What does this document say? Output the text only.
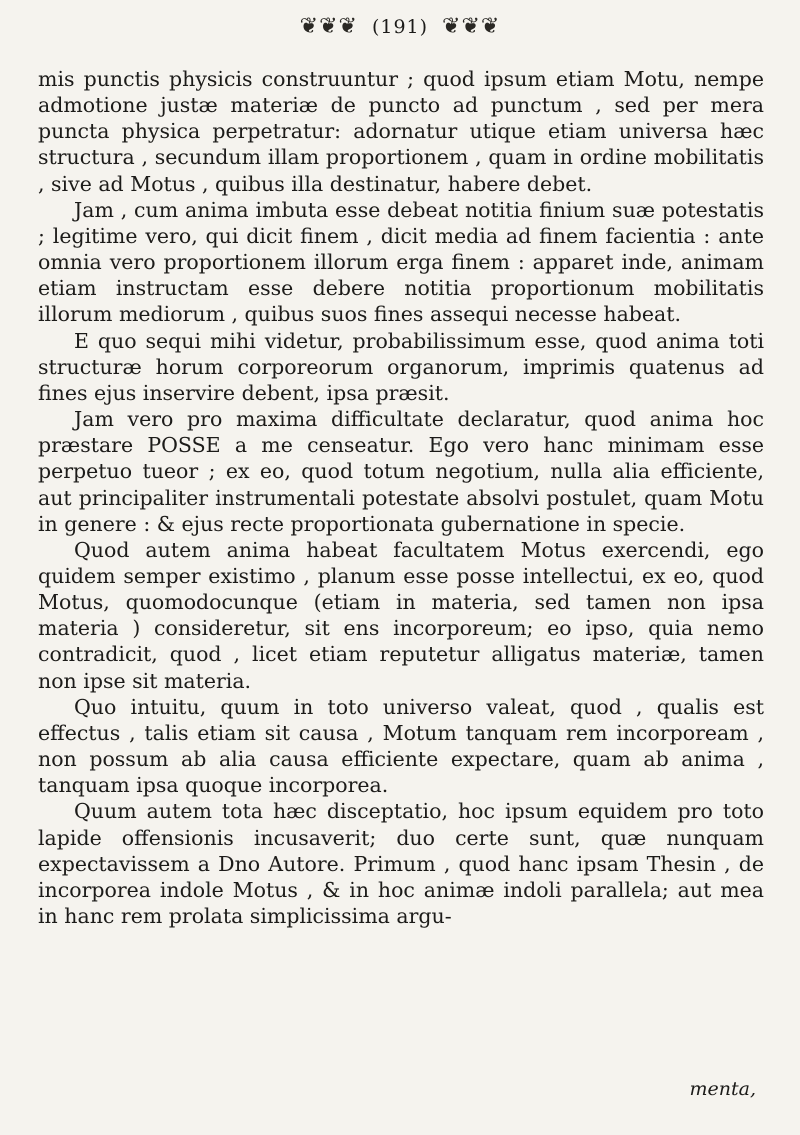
❦❦❦ (191) ❦❦❦

mis punctis physicis construuntur ; quod ipsum etiam Motu, nempe admotione justæ materiæ de puncto ad punctum , sed per mera puncta physica perpetratur: adornatur utique etiam universa hæc structura , secundum illam proportionem , quam in ordine mobilitatis , sive ad Motus , quibus illa destinatur, habere debet.

Jam , cum anima imbuta esse debeat notitia finium suæ potestatis ; legitime vero, qui dicit finem , dicit media ad finem facientia : ante omnia vero proportionem illorum erga finem : apparet inde, animam etiam instructam esse debere notitia proportionum mobilitatis illorum mediorum , quibus suos fines assequi necesse habeat.

E quo sequi mihi videtur, probabilissimum esse, quod anima toti structuræ horum corporeorum organorum, imprimis quatenus ad fines ejus inservire debent, ipsa præsit.

Jam vero pro maxima difficultate declaratur, quod anima hoc præstare POSSE a me censeatur. Ego vero hanc minimam esse perpetuo tueor ; ex eo, quod totum negotium, nulla alia efficiente, aut principaliter instrumentali potestate absolvi postulet, quam Motu in genere : & ejus recte proportionata gubernatione in specie.

Quod autem anima habeat facultatem Motus exercendi, ego quidem semper existimo , planum esse posse intellectui, ex eo, quod Motus, quomodocunque (etiam in materia, sed tamen non ipsa materia ) consideretur, sit ens incorporeum; eo ipso, quia nemo contradicit, quod , licet etiam reputetur alligatus materiæ, tamen non ipse sit materia.

Quo intuitu, quum in toto universo valeat, quod , qualis est effectus , talis etiam sit causa , Motum tanquam rem incorpoream , non possum ab alia causa efficiente expectare, quam ab anima , tanquam ipsa quoque incorporea.

Quum autem tota hæc disceptatio, hoc ipsum equidem pro toto lapide offensionis incusaverit; duo certe sunt, quæ nunquam expectavissem a Dno Autore. Primum , quod hanc ipsam Thesin , de incorporea indole Motus , & in hoc animæ indoli parallela; aut mea in hanc rem prolata simplicissima argu-

menta,
